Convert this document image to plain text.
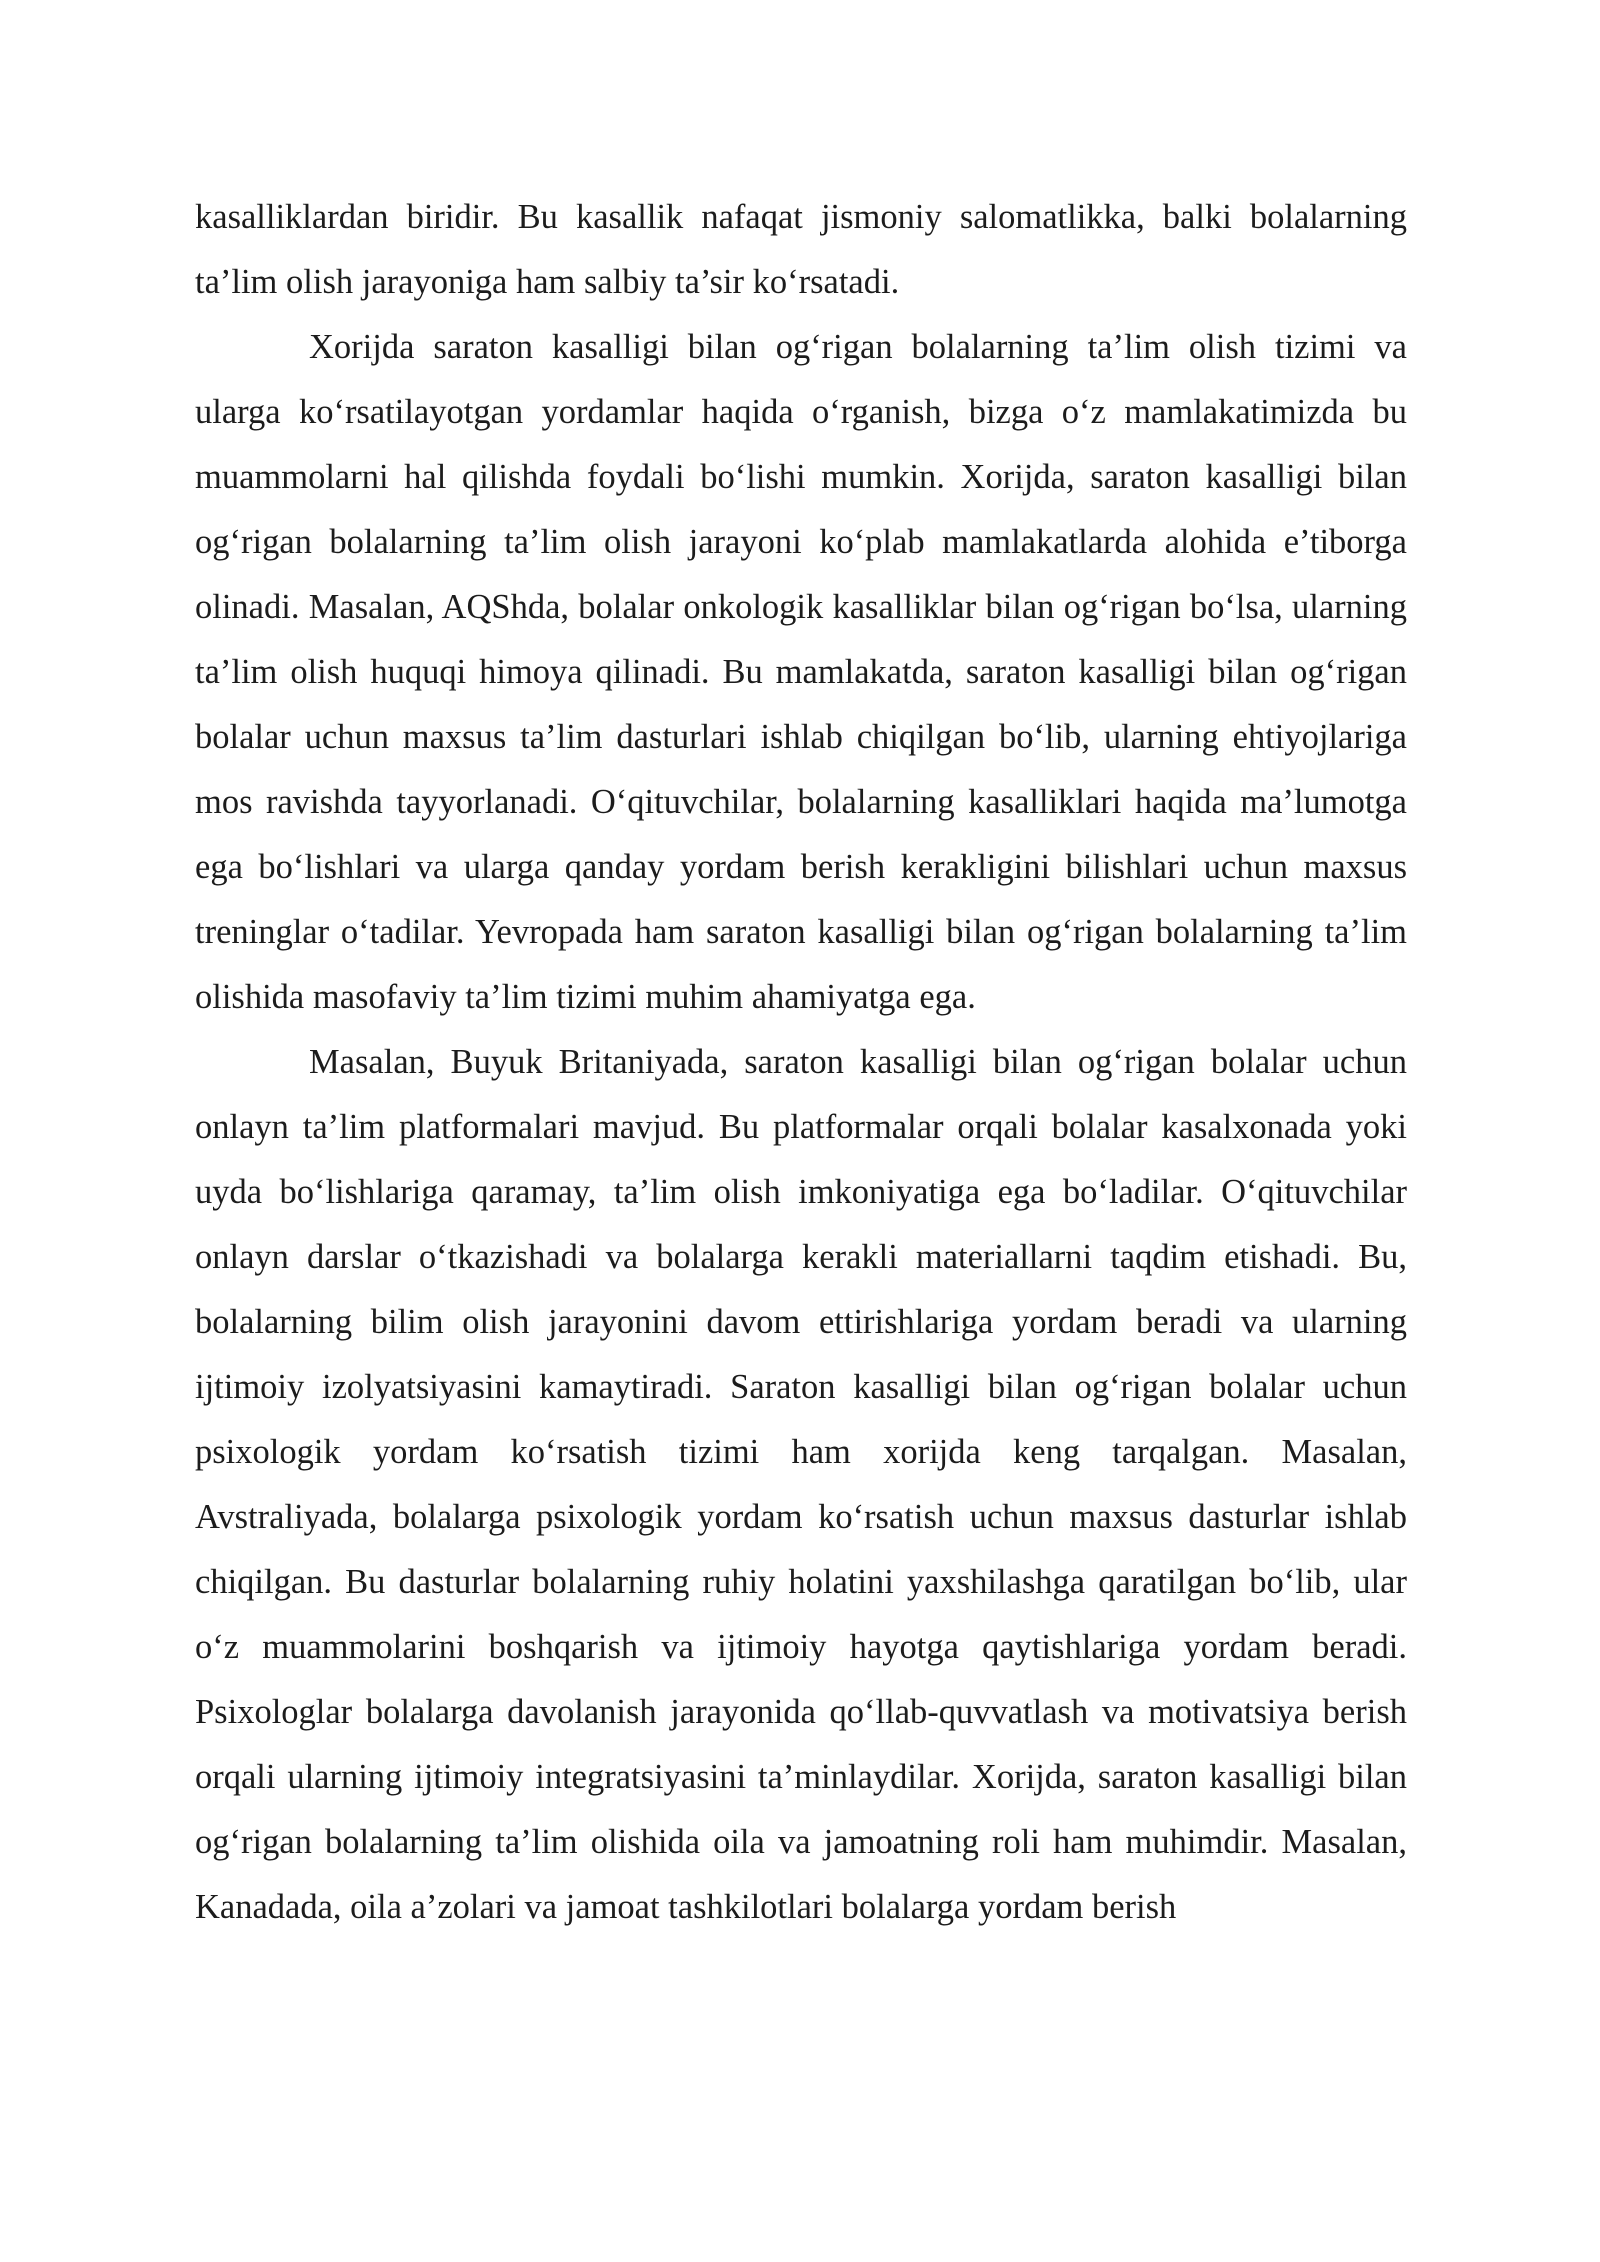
kasalliklardan biridir. Bu kasallik nafaqat jismoniy salomatlikka, balki bolalarning ta’lim olish jarayoniga ham salbiy ta’sir ko‘rsatadi.

Xorijda saraton kasalligi bilan og‘rigan bolalarning ta’lim olish tizimi va ularga ko‘rsatilayotgan yordamlar haqida o‘rganish, bizga o‘z mamlakatimizda bu muammolarni hal qilishda foydali bo‘lishi mumkin. Xorijda, saraton kasalligi bilan og‘rigan bolalarning ta’lim olish jarayoni ko‘plab mamlakatlarda alohida e’tiborga olinadi. Masalan, AQShda, bolalar onkologik kasalliklar bilan og‘rigan bo‘lsa, ularning ta’lim olish huquqi himoya qilinadi. Bu mamlakatda, saraton kasalligi bilan og‘rigan bolalar uchun maxsus ta’lim dasturlari ishlab chiqilgan bo‘lib, ularning ehtiyojlariga mos ravishda tayyorlanadi. O‘qituvchilar, bolalarning kasalliklari haqida ma’lumotga ega bo‘lishlari va ularga qanday yordam berish kerakligini bilishlari uchun maxsus treninglar o‘tadilar. Yevropada ham saraton kasalligi bilan og‘rigan bolalarning ta’lim olishida masofaviy ta’lim tizimi muhim ahamiyatga ega.

Masalan, Buyuk Britaniyada, saraton kasalligi bilan og‘rigan bolalar uchun onlayn ta’lim platformalari mavjud. Bu platformalar orqali bolalar kasalxonada yoki uyda bo‘lishlariga qaramay, ta’lim olish imkoniyatiga ega bo‘ladilar. O‘qituvchilar onlayn darslar o‘tkazishadi va bolalarga kerakli materiallarni taqdim etishadi. Bu, bolalarning bilim olish jarayonini davom ettirishlariga yordam beradi va ularning ijtimoiy izolyatsiyasini kamaytiradi. Saraton kasalligi bilan og‘rigan bolalar uchun psixologik yordam ko‘rsatish tizimi ham xorijda keng tarqalgan. Masalan, Avstraliyada, bolalarga psixologik yordam ko‘rsatish uchun maxsus dasturlar ishlab chiqilgan. Bu dasturlar bolalarning ruhiy holatini yaxshilashga qaratilgan bo‘lib, ular o‘z muammolarini boshqarish va ijtimoiy hayotga qaytishlariga yordam beradi. Psixologlar bolalarga davolanish jarayonida qo‘llab-quvvatlash va motivatsiya berish orqali ularning ijtimoiy integratsiyasini ta’minlaydilar. Xorijda, saraton kasalligi bilan og‘rigan bolalarning ta’lim olishida oila va jamoatning roli ham muhimdir. Masalan, Kanadada, oila a’zolari va jamoat tashkilotlari bolalarga yordam berish
